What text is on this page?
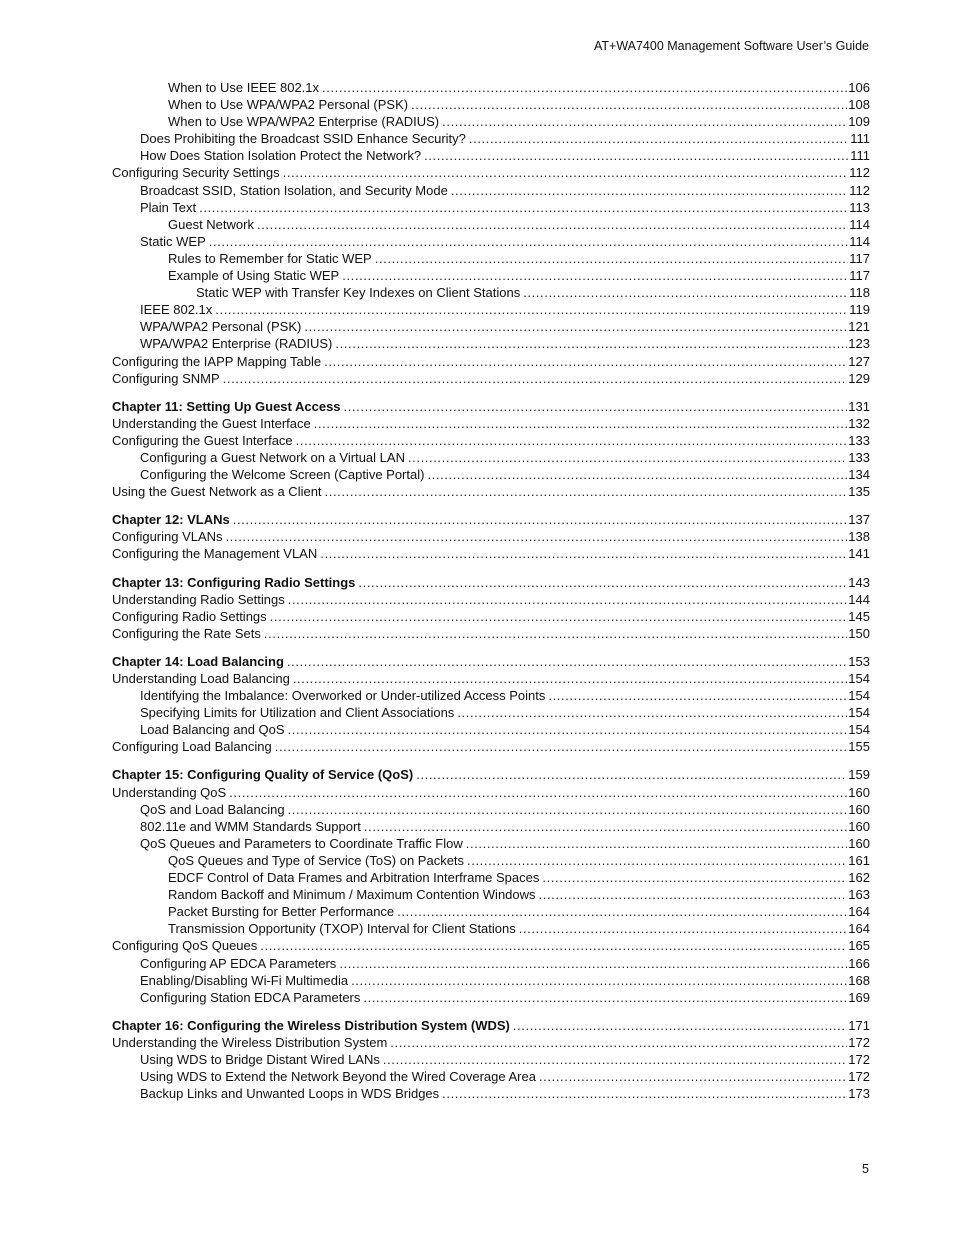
AT+WA7400 Management Software User’s Guide
When to Use IEEE 802.1x .....	106
When to Use WPA/WPA2 Personal (PSK) .....	108
When to Use WPA/WPA2 Enterprise (RADIUS) .....	109
Does Prohibiting the Broadcast SSID Enhance Security? .....	111
How Does Station Isolation Protect the Network? .....	111
Configuring Security Settings .....	112
Broadcast SSID, Station Isolation, and Security Mode .....	112
Plain Text .....	113
Guest Network .....	114
Static WEP .....	114
Rules to Remember for Static WEP .....	117
Example of Using Static WEP .....	117
Static WEP with Transfer Key Indexes on Client Stations .....	118
IEEE 802.1x .....	119
WPA/WPA2 Personal (PSK) .....	121
WPA/WPA2 Enterprise (RADIUS) .....	123
Configuring the IAPP Mapping Table .....	127
Configuring SNMP .....	129
Chapter 11: Setting Up Guest Access .....	131
Understanding the Guest Interface .....	132
Configuring the Guest Interface .....	133
Configuring a Guest Network on a Virtual LAN .....	133
Configuring the Welcome Screen (Captive Portal) .....	134
Using the Guest Network as a Client .....	135
Chapter 12: VLANs .....	137
Configuring VLANs .....	138
Configuring the Management VLAN .....	141
Chapter 13: Configuring Radio Settings .....	143
Understanding Radio Settings .....	144
Configuring Radio Settings .....	145
Configuring the Rate Sets .....	150
Chapter 14: Load Balancing .....	153
Understanding Load Balancing .....	154
Identifying the Imbalance: Overworked or Under-utilized Access Points .....	154
Specifying Limits for Utilization and Client Associations .....	154
Load Balancing and QoS .....	154
Configuring Load Balancing .....	155
Chapter 15: Configuring Quality of Service (QoS) .....	159
Understanding QoS .....	160
QoS and Load Balancing .....	160
802.11e and WMM Standards Support .....	160
QoS Queues and Parameters to Coordinate Traffic Flow .....	160
QoS Queues and Type of Service (ToS) on Packets .....	161
EDCF Control of Data Frames and Arbitration Interframe Spaces .....	162
Random Backoff and Minimum / Maximum Contention Windows .....	163
Packet Bursting for Better Performance .....	164
Transmission Opportunity (TXOP) Interval for Client Stations .....	164
Configuring QoS Queues .....	165
Configuring AP EDCA Parameters .....	166
Enabling/Disabling Wi-Fi Multimedia .....	168
Configuring Station EDCA Parameters .....	169
Chapter 16: Configuring the Wireless Distribution System (WDS) .....	171
Understanding the Wireless Distribution System .....	172
Using WDS to Bridge Distant Wired LANs .....	172
Using WDS to Extend the Network Beyond the Wired Coverage Area .....	172
Backup Links and Unwanted Loops in WDS Bridges .....	173
5
